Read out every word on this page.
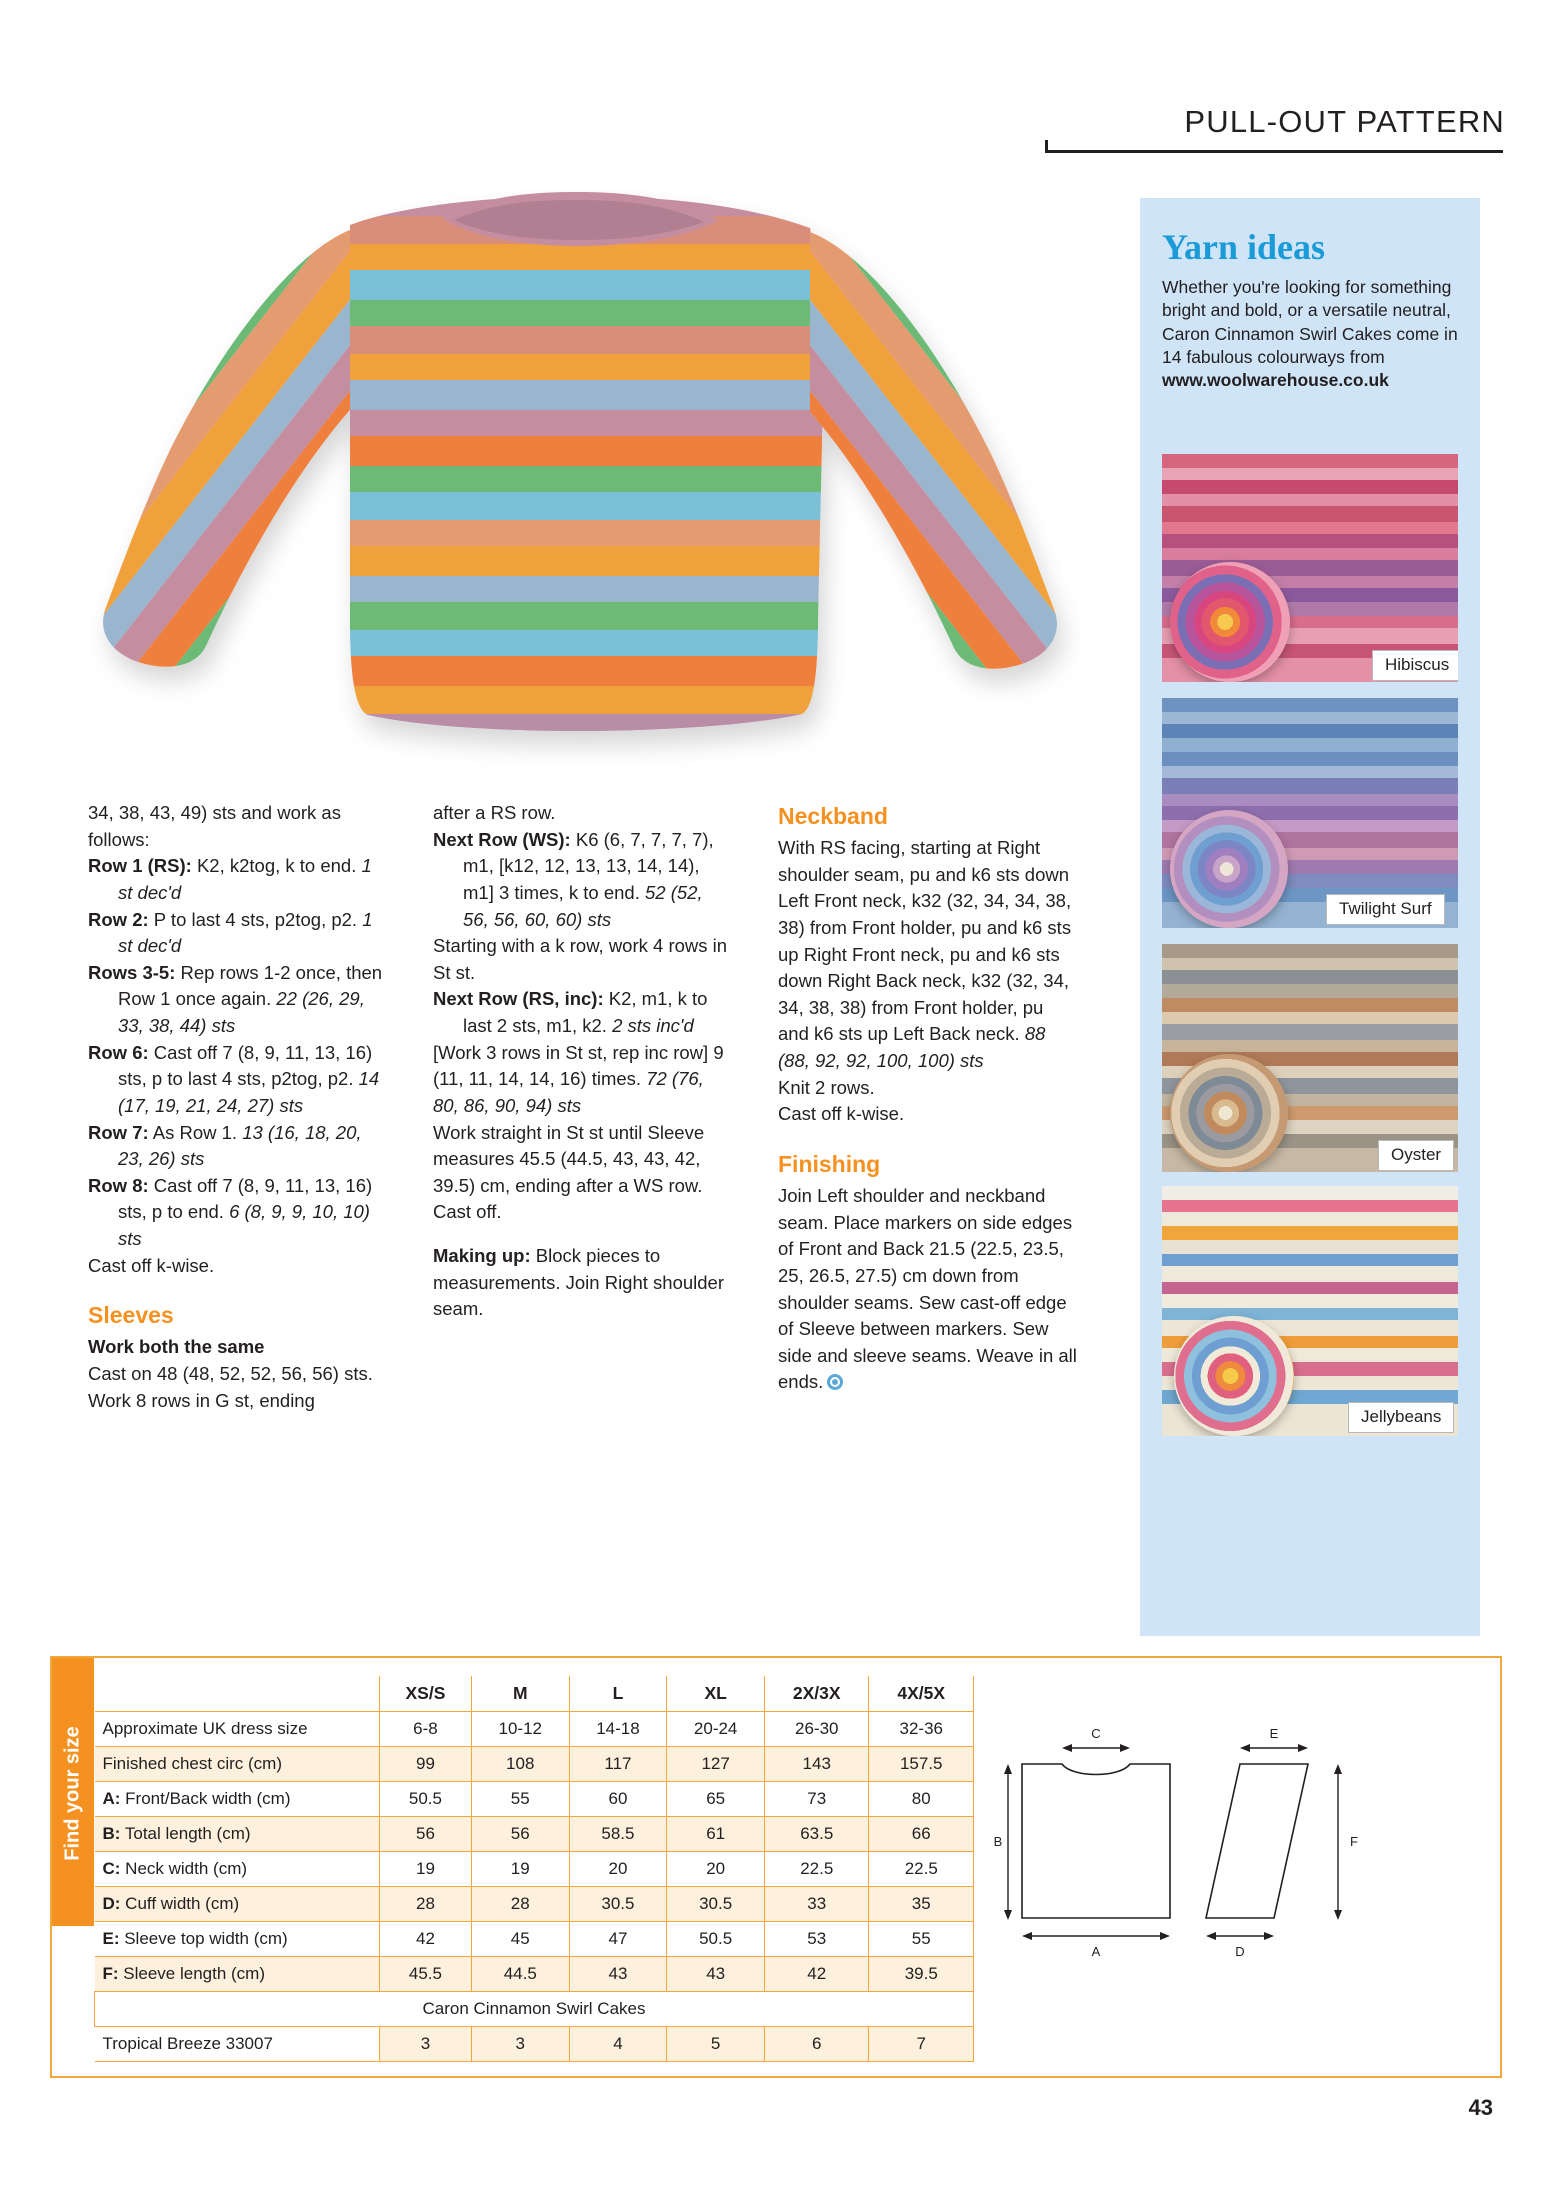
PULL-OUT PATTERN
Yarn ideas
Whether you're looking for something bright and bold, or a versatile neutral, Caron Cinnamon Swirl Cakes come in 14 fabulous colourways from www.woolwarehouse.co.uk
Hibiscus
Twilight Surf
Oyster
Jellybeans

34, 38, 43, 49) sts and work as follows:

Row 1 (RS): K2, k2tog, k to end. 1 st dec'd

Row 2: P to last 4 sts, p2tog, p2. 1 st dec'd

Rows 3-5: Rep rows 1-2 once, then Row 1 once again. 22 (26, 29, 33, 38, 44) sts

Row 6: Cast off 7 (8, 9, 11, 13, 16) sts, p to last 4 sts, p2tog, p2. 14 (17, 19, 21, 24, 27) sts

Row 7: As Row 1. 13 (16, 18, 20, 23, 26) sts

Row 8: Cast off 7 (8, 9, 11, 13, 16) sts, p to end. 6 (8, 9, 9, 10, 10) sts

Cast off k-wise.

Sleeves

Work both the same

Cast on 48 (48, 52, 52, 56, 56) sts.

Work 8 rows in G st, ending

after a RS row.

Next Row (WS): K6 (6, 7, 7, 7, 7), m1, [k12, 12, 13, 13, 14, 14), m1] 3 times, k to end. 52 (52, 56, 56, 60, 60) sts

Starting with a k row, work 4 rows in St st.

Next Row (RS, inc): K2, m1, k to last 2 sts, m1, k2. 2 sts inc'd

[Work 3 rows in St st, rep inc row] 9 (11, 11, 14, 14, 16) times. 72 (76, 80, 86, 90, 94) sts

Work straight in St st until Sleeve measures 45.5 (44.5, 43, 43, 42, 39.5) cm, ending after a WS row.

Cast off.

Making up: Block pieces to measurements. Join Right shoulder seam.

Neckband

With RS facing, starting at Right shoulder seam, pu and k6 sts down Left Front neck, k32 (32, 34, 34, 38, 38) from Front holder, pu and k6 sts up Right Front neck, pu and k6 sts down Right Back neck, k32 (32, 34, 34, 38, 38) from Front holder, pu and k6 sts up Left Back neck. 88 (88, 92, 92, 100, 100) sts

Knit 2 rows.

Cast off k-wise.

Finishing

Join Left shoulder and neckband seam. Place markers on side edges of Front and Back 21.5 (22.5, 23.5, 25, 26.5, 27.5) cm down from shoulder seams. Sew cast-off edge of Sleeve between markers. Sew side and sleeve seams. Weave in all ends.

Find your size
	XS/S	M	L	XL	2X/3X	4X/5X
Approximate UK dress size	6-8	10-12	14-18	20-24	26-30	32-36
Finished chest circ (cm)	99	108	117	127	143	157.5
A: Front/Back width (cm)	50.5	55	60	65	73	80
B: Total length (cm)	56	56	58.5	61	63.5	66
C: Neck width (cm)	19	19	20	20	22.5	22.5
D: Cuff width (cm)	28	28	30.5	30.5	33	35
E: Sleeve top width (cm)	42	45	47	50.5	53	55
F: Sleeve length (cm)	45.5	44.5	43	43	42	39.5
Caron Cinnamon Swirl Cakes						
Tropical Breeze 33007	3	3	4	5	6	7
C
B
A
E
F
D
43
